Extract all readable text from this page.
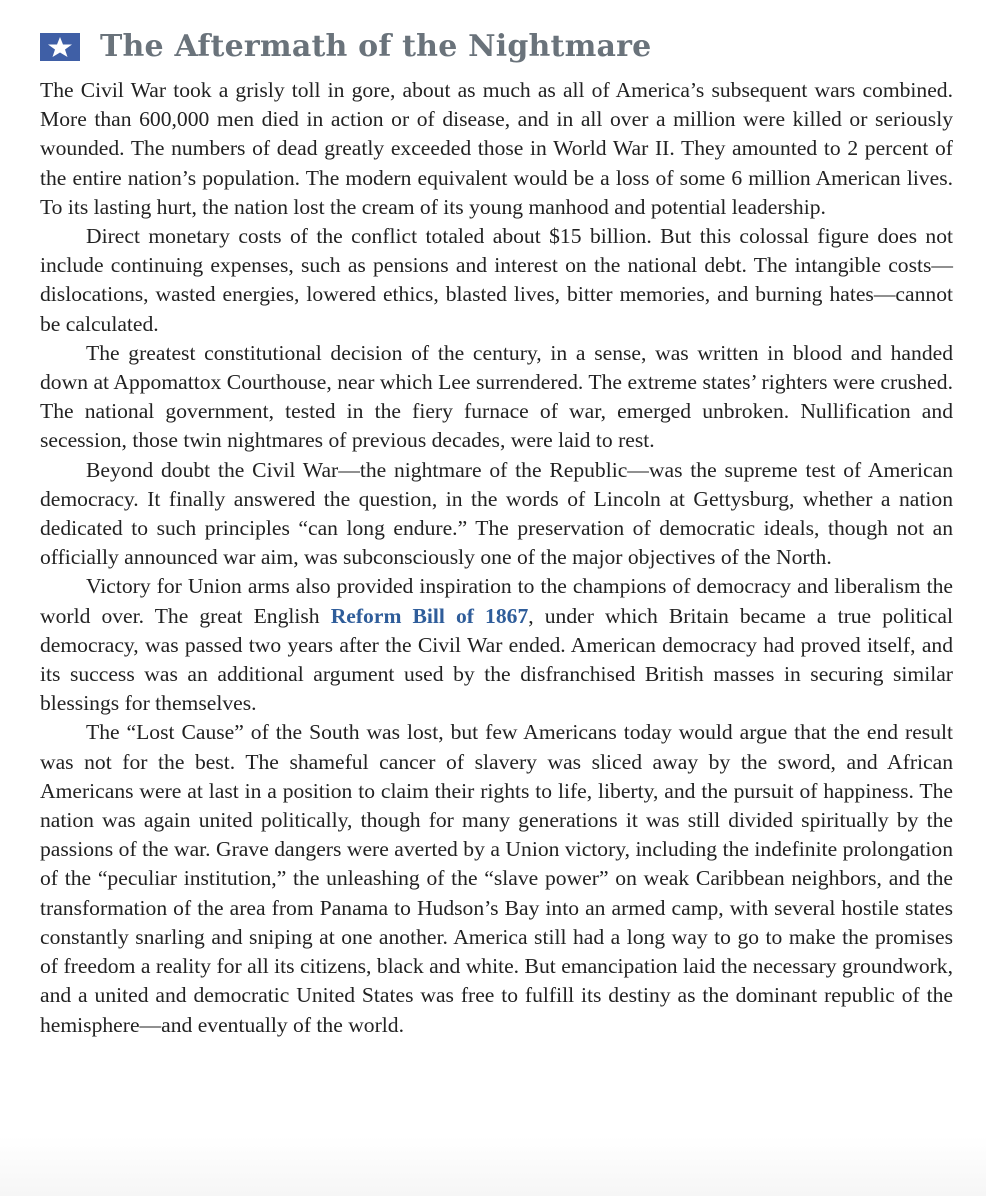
The Aftermath of the Nightmare

The Civil War took a grisly toll in gore, about as much as all of America’s subsequent wars combined. More than 600,000 men died in action or of disease, and in all over a million were killed or seriously wounded. The numbers of dead greatly exceeded those in World War II. They amounted to 2 percent of the entire nation’s population. The modern equivalent would be a loss of some 6 million American lives. To its lasting hurt, the nation lost the cream of its young manhood and potential leadership.

Direct monetary costs of the conflict totaled about $15 billion. But this colossal figure does not include continuing expenses, such as pensions and interest on the national debt. The intangible costs—dislocations, wasted energies, lowered ethics, blasted lives, bitter memories, and burning hates—cannot be calculated.

The greatest constitutional decision of the century, in a sense, was written in blood and handed down at Appomattox Courthouse, near which Lee surrendered. The extreme states’ righters were crushed. The national government, tested in the fiery furnace of war, emerged unbroken. Nullification and secession, those twin nightmares of previous decades, were laid to rest.

Beyond doubt the Civil War—the nightmare of the Republic—was the supreme test of American democracy. It finally answered the question, in the words of Lincoln at Gettysburg, whether a nation dedicated to such principles “can long endure.” The preservation of democratic ideals, though not an officially announced war aim, was subconsciously one of the major objectives of the North.

Victory for Union arms also provided inspiration to the champions of democracy and liberalism the world over. The great English Reform Bill of 1867, under which Britain became a true political democracy, was passed two years after the Civil War ended. American democracy had proved itself, and its success was an additional argument used by the disfranchised British masses in securing similar blessings for themselves.

The “Lost Cause” of the South was lost, but few Americans today would argue that the end result was not for the best. The shameful cancer of slavery was sliced away by the sword, and African Americans were at last in a position to claim their rights to life, liberty, and the pursuit of happiness. The nation was again united politically, though for many generations it was still divided spiritually by the passions of the war. Grave dangers were averted by a Union victory, including the indefinite prolongation of the “peculiar institution,” the unleashing of the “slave power” on weak Caribbean neighbors, and the transformation of the area from Panama to Hudson’s Bay into an armed camp, with several hostile states constantly snarling and sniping at one another. America still had a long way to go to make the promises of freedom a reality for all its citizens, black and white. But emancipation laid the necessary groundwork, and a united and democratic United States was free to fulfill its destiny as the dominant republic of the hemisphere—and eventually of the world.
